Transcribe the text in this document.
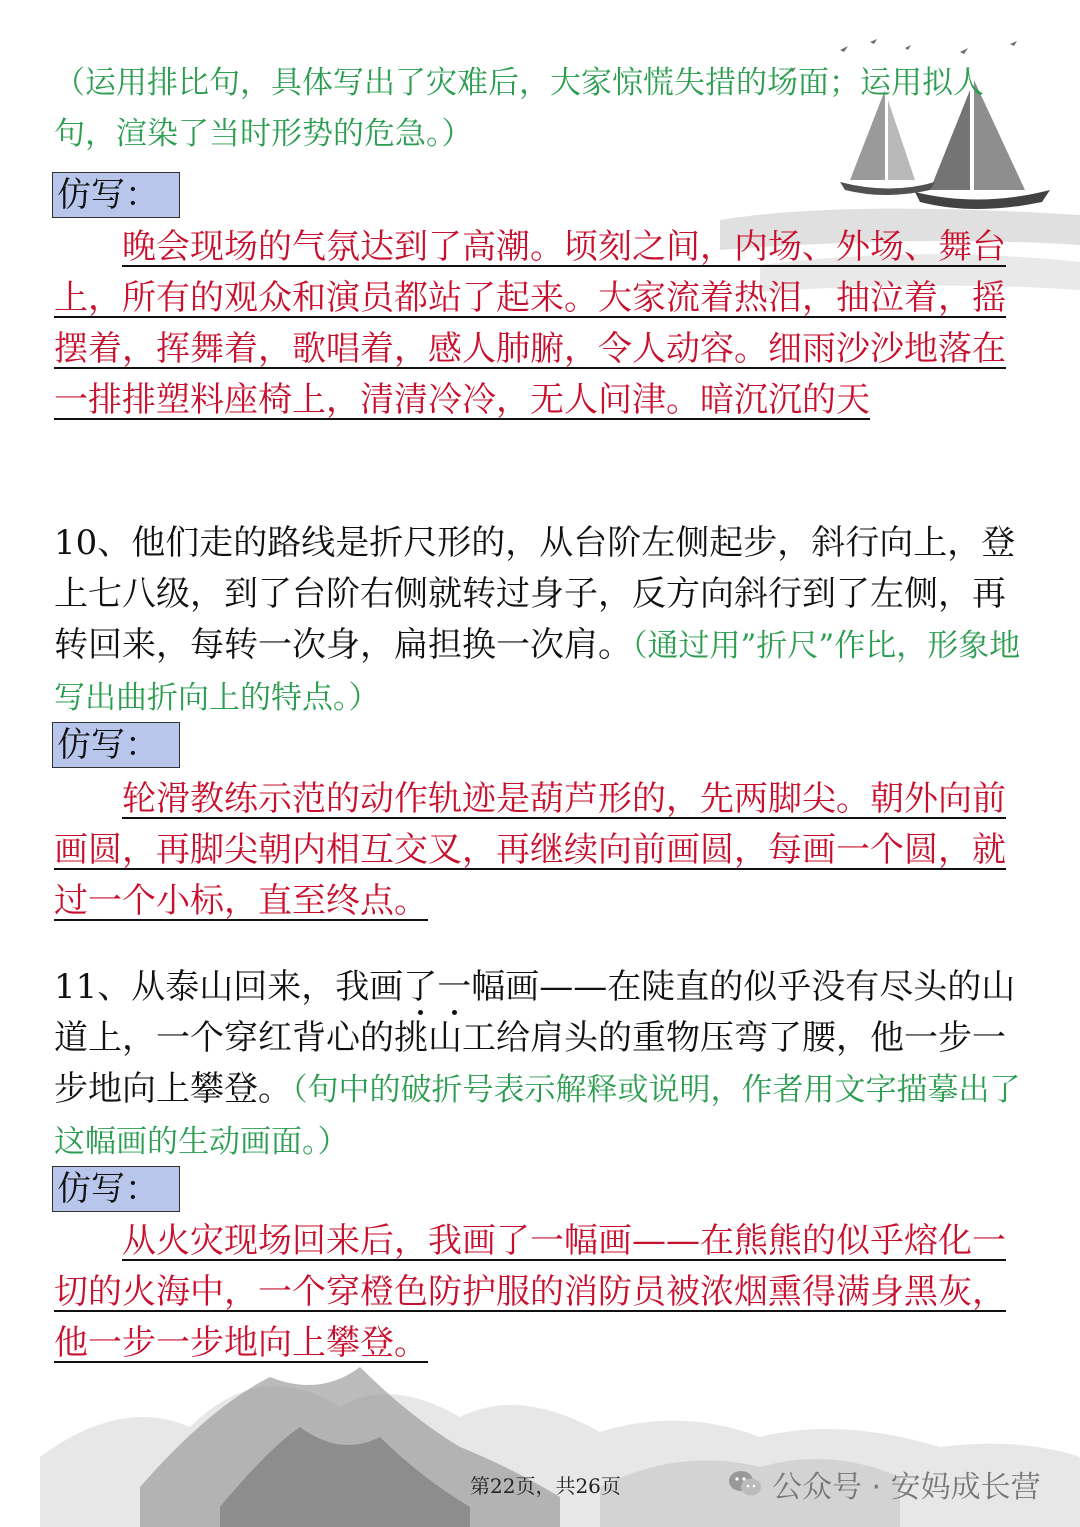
（运用排比句，具体写出了灾难后，大家惊慌失措的场面；运用拟人句，渲染了当时形势的危急。）
仿写：
晚会现场的气氛达到了高潮。顷刻之间，内场、外场、舞台上，所有的观众和演员都站了起来。大家流着热泪，抽泣着，摇摆着，挥舞着，歌唱着，感人肺腑，令人动容。细雨沙沙地落在一排排塑料座椅上，清清冷冷，无人问津。暗沉沉的天
10、他们走的路线是折尺形的，从台阶左侧起步，斜行向上，登上七八级，到了台阶右侧就转过身子，反方向斜行到了左侧，再转回来，每转一次身，扁担换一次肩。（通过用”折尺”作比，形象地写出曲折向上的特点。）
仿写：
轮滑教练示范的动作轨迹是葫芦形的，先两脚尖。朝外向前画圆，再脚尖朝内相互交叉，再继续向前画圆，每画一个圆，就过一个小标，直至终点。
11、从泰山回来，我画了一幅画——在陡直的似乎没有尽头的山道上，一个穿红背心的挑山工给肩头的重物压弯了腰，他一步一步地向上攀登。（句中的破折号表示解释或说明，作者用文字描摹出了这幅画的生动画面。）
仿写：
从火灾现场回来后，我画了一幅画——在熊熊的似乎熔化一切的火海中，一个穿橙色防护服的消防员被浓烟熏得满身黑灰，他一步一步地向上攀登。
第22页，共26页	公众号 · 安妈成长营
